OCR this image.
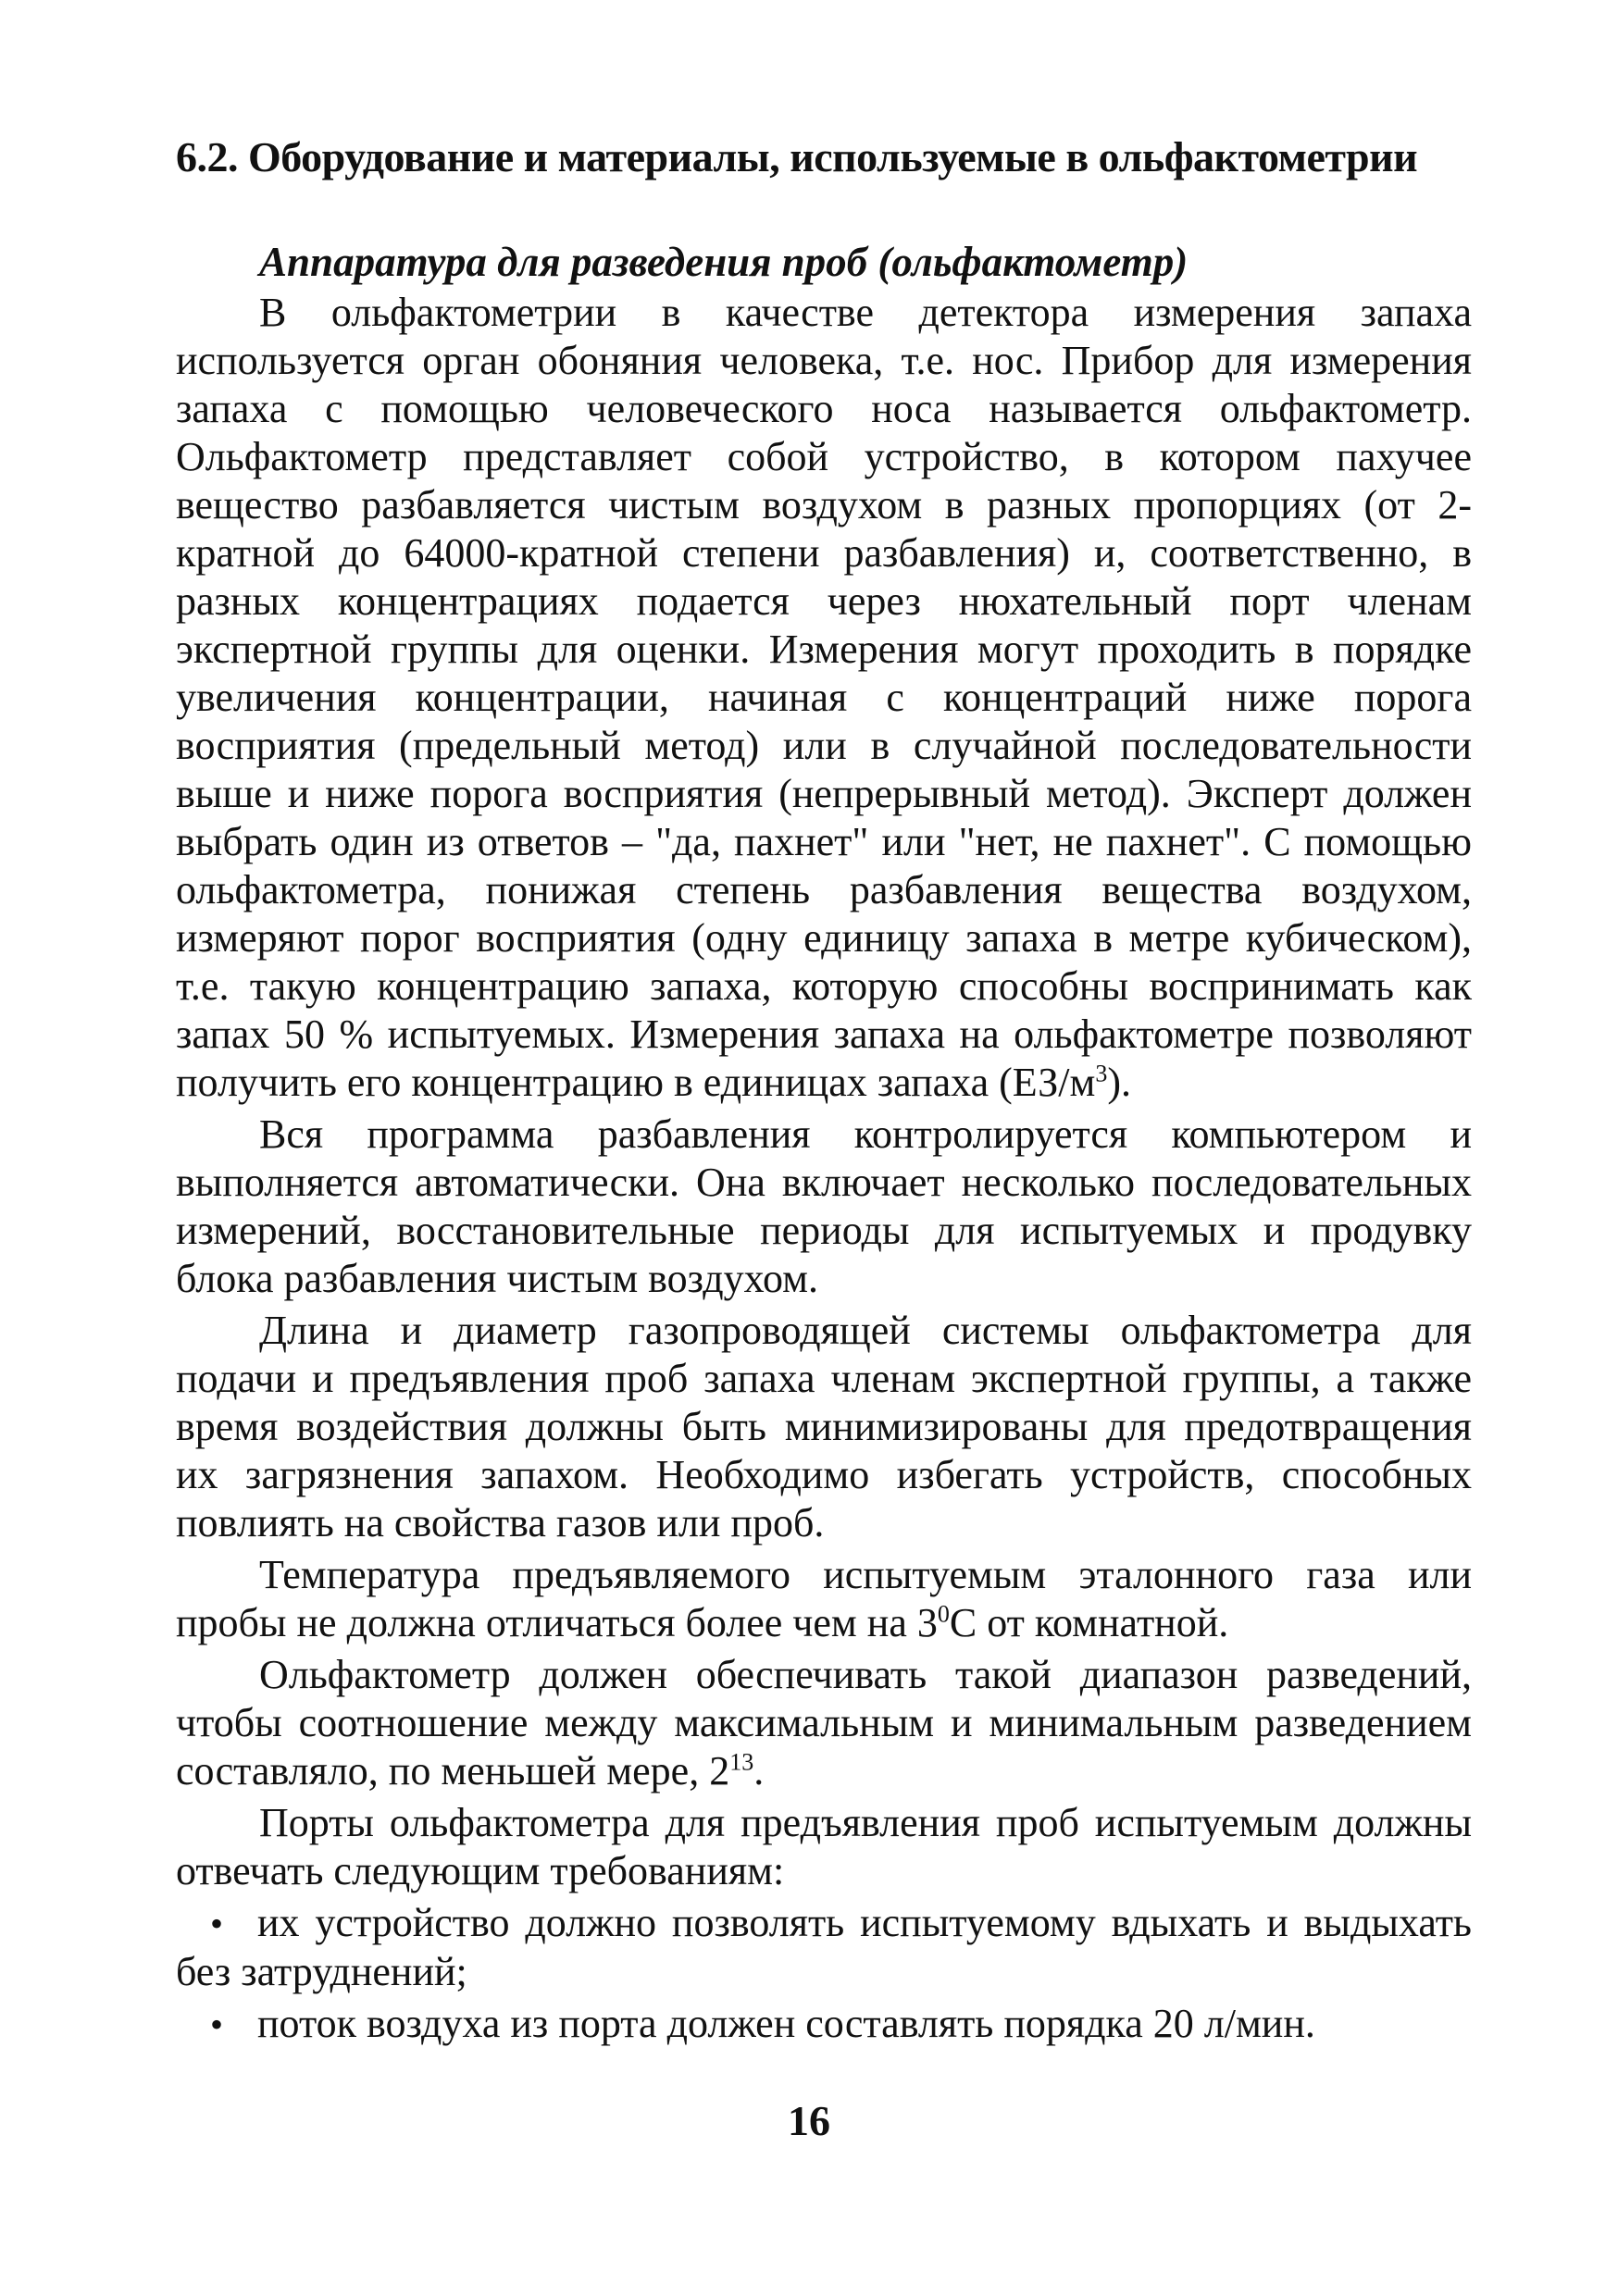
6.2. Оборудование и материалы, используемые в ольфактометрии
Аппаратура для разведения проб (ольфактометр)

В ольфактометрии в качестве детектора измерения запаха используется орган обоняния человека, т.е. нос. Прибор для измерения запаха с помощью человеческого носа называется ольфактометр. Ольфактометр представляет собой устройство, в котором пахучее вещество разбавляется чистым воздухом в разных пропорциях (от 2-кратной до 64000-кратной степени разбавления) и, соответственно, в разных концентрациях подается через нюхательный порт членам экспертной группы для оценки. Измерения могут проходить в порядке увеличения концентрации, начиная с концентраций ниже порога восприятия (предельный метод) или в случайной последовательности выше и ниже порога восприятия (непрерывный метод). Эксперт должен выбрать один из ответов – "да, пахнет" или "нет, не пахнет". С помощью ольфактометра, понижая степень разбавления вещества воздухом, измеряют порог восприятия (одну единицу запаха в метре кубическом), т.е. такую концентрацию запаха, которую способны воспринимать как запах 50 % испытуемых. Измерения запаха на ольфактометре позволяют получить его концентрацию в единицах запаха $(ЕЗ/м^3)$.

Вся программа разбавления контролируется компьютером и выполняется автоматически. Она включает несколько последовательных измерений, восстановительные периоды для испытуемых и продувку блока разбавления чистым воздухом.

Длина и диаметр газопроводящей системы ольфактометра для подачи и предъявления проб запаха членам экспертной группы, а также время воздействия должны быть минимизированы для предотвращения их загрязнения запахом. Необходимо избегать устройств, способных повлиять на свойства газов или проб.

Температура предъявляемого испытуемым эталонного газа или пробы не должна отличаться более чем на $3^0С$ от комнатной.

Ольфактометр должен обеспечивать такой диапазон разведений, чтобы соотношение между максимальным и минимальным разведением составляло, по меньшей мере, $2^{13}$.

Порты ольфактометра для предъявления проб испытуемым должны отвечать следующим требованиям:

• их устройство должно позволять испытуемому вдыхать и выдыхать без затруднений;
• поток воздуха из порта должен составлять порядка 20 л/мин.
16
